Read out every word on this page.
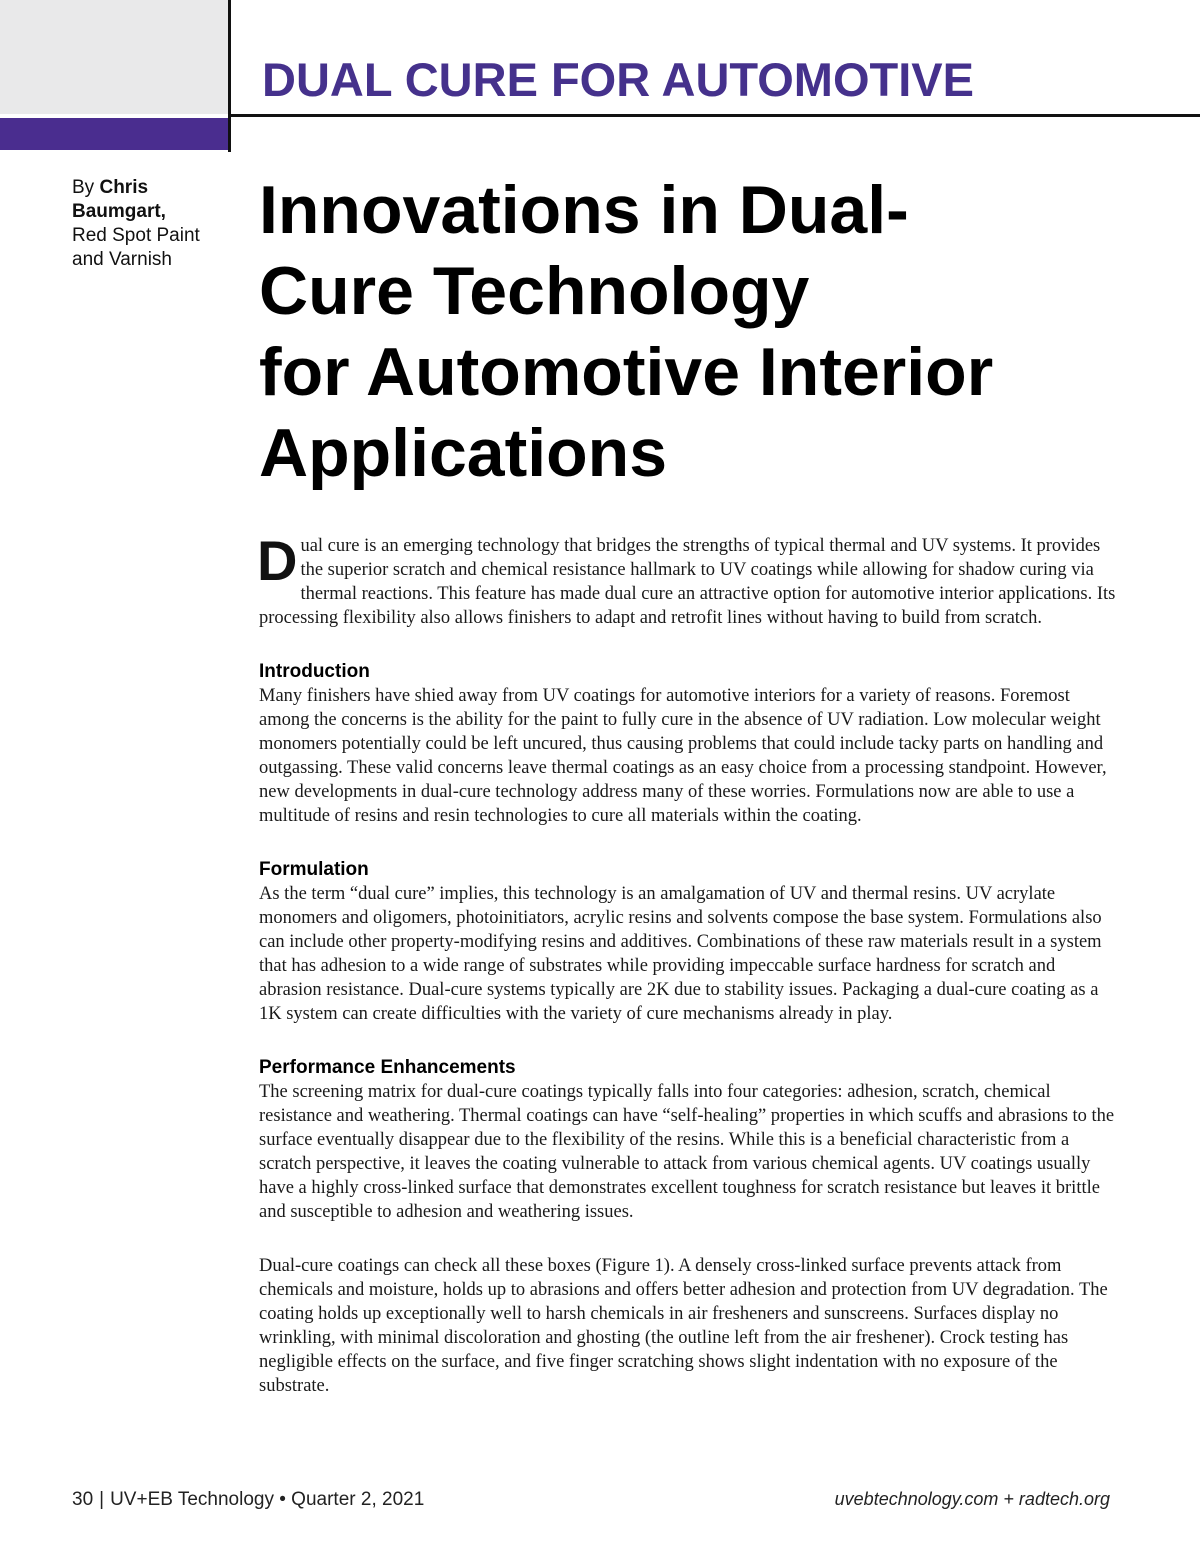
DUAL CURE FOR AUTOMOTIVE
By Chris Baumgart,
Red Spot Paint and Varnish
Innovations in Dual-
Cure Technology
for Automotive Interior
Applications

Dual cure is an emerging technology that bridges the strengths of typical thermal and UV systems. It provides the superior scratch and chemical resistance hallmark to UV coatings while allowing for shadow curing via thermal reactions. This feature has made dual cure an attractive option for automotive interior applications. Its processing flexibility also allows finishers to adapt and retrofit lines without having to build from scratch.

Introduction

Many finishers have shied away from UV coatings for automotive interiors for a variety of reasons. Foremost among the concerns is the ability for the paint to fully cure in the absence of UV radiation. Low molecular weight monomers potentially could be left uncured, thus causing problems that could include tacky parts on handling and outgassing. These valid concerns leave thermal coatings as an easy choice from a processing standpoint. However, new developments in dual-cure technology address many of these worries. Formulations now are able to use a multitude of resins and resin technologies to cure all materials within the coating.

Formulation

As the term “dual cure” implies, this technology is an amalgamation of UV and thermal resins. UV acrylate monomers and oligomers, photoinitiators, acrylic resins and solvents compose the base system. Formulations also can include other property-modifying resins and additives. Combinations of these raw materials result in a system that has adhesion to a wide range of substrates while providing impeccable surface hardness for scratch and abrasion resistance. Dual-cure systems typically are 2K due to stability issues. Packaging a dual-cure coating as a 1K system can create difficulties with the variety of cure mechanisms already in play.

Performance Enhancements

The screening matrix for dual-cure coatings typically falls into four categories: adhesion, scratch, chemical resistance and weathering. Thermal coatings can have “self-healing” properties in which scuffs and abrasions to the surface eventually disappear due to the flexibility of the resins. While this is a beneficial characteristic from a scratch perspective, it leaves the coating vulnerable to attack from various chemical agents. UV coatings usually have a highly cross-linked surface that demonstrates excellent toughness for scratch resistance but leaves it brittle and susceptible to adhesion and weathering issues.

Dual-cure coatings can check all these boxes (Figure 1). A densely cross-linked surface prevents attack from chemicals and moisture, holds up to abrasions and offers better adhesion and protection from UV degradation. The coating holds up exceptionally well to harsh chemicals in air fresheners and sunscreens. Surfaces display no wrinkling, with minimal discoloration and ghosting (the outline left from the air freshener). Crock testing has negligible effects on the surface, and five finger scratching shows slight indentation with no exposure of the substrate.

30 | UV+EB Technology • Quarter 2, 2021	uvebtechnology.com + radtech.org
